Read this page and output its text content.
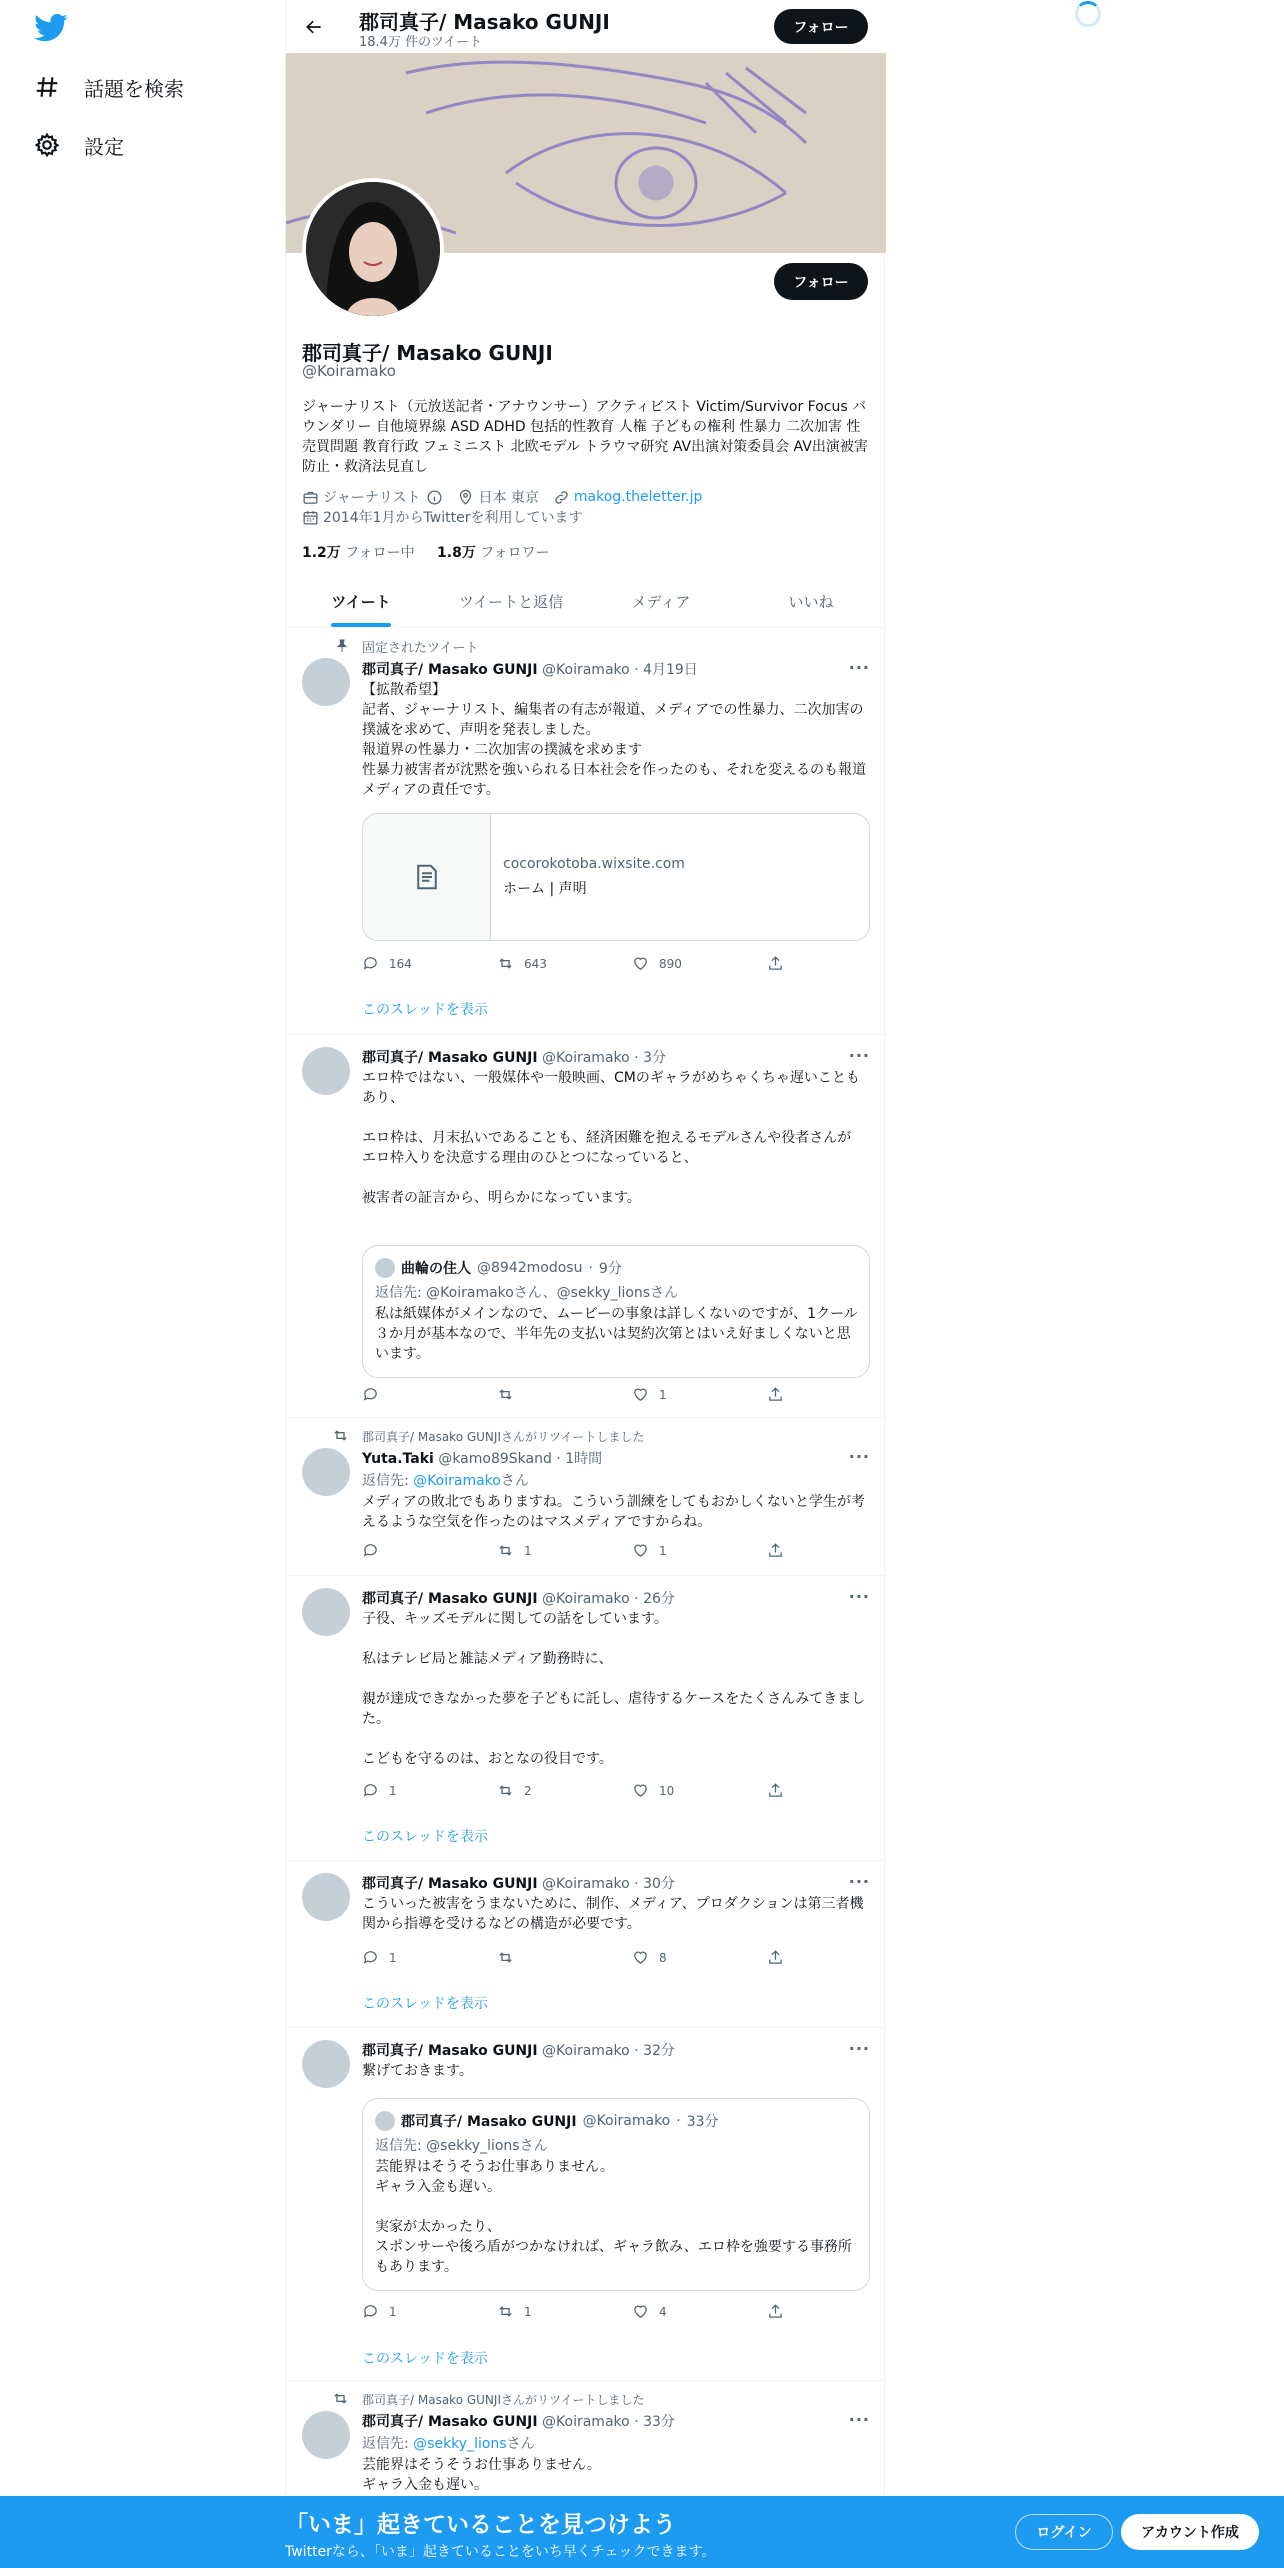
話題を検索
設定
郡司真子/ Masako GUNJI
18.4万 件のツイート
フォロー
フォロー
郡司真子/ Masako GUNJI
@Koiramako
ジャーナリスト（元放送記者・アナウンサー）アクティビスト Victim/Survivor Focus バウンダリー 自他境界線 ASD ADHD 包括的性教育 人権 子どもの権利 性暴力 二次加害 性売買問題 教育行政 フェミニスト 北欧モデル トラウマ研究 AV出演対策委員会 AV出演被害防止・救済法見直し
ジャーナリスト	日本 東京	makog.theletter.jp
2014年1月からTwitterを利用しています
1.2万 フォロー中 1.8万 フォロワー
ツイート	ツイートと返信	メディア	いいね
固定されたツイート
郡司真子/ Masako GUNJI @Koiramako · 4月19日	···
【拡散希望】
記者、ジャーナリスト、編集者の有志が報道、メディアでの性暴力、二次加害の撲滅を求めて、声明を発表しました。
報道界の性暴力・二次加害の撲滅を求めます
性暴力被害者が沈黙を強いられる日本社会を作ったのも、それを変えるのも報道メディアの責任です。
cocorokoto​ba.wixsite.com
ホーム | 声明
164	643	890
このスレッドを表示
郡司真子/ Masako GUNJI @Koiramako · 3分	···
エロ枠ではない、一般媒体や一般映画、CMのギャラがめちゃくちゃ遅いこともあり、

エロ枠は、月末払いであることも、経済困難を抱えるモデルさんや役者さんが
エロ枠入りを決意する理由のひとつになっていると、

被害者の証言から、明らかになっています。
曲輪の住人 @8942modosu · 9分
返信先: @Koiramakoさん、@sekky_lionsさん
私は紙媒体がメインなので、ムービーの事象は詳しくないのですが、1クール３か月が基本なので、半年先の支払いは契約次第とはいえ好ましくないと思います。
1
郡司真子/ Masako GUNJIさんがリツイートしました
Yuta.Taki @kamo89Skand · 1時間	···
返信先: @Koiramakoさん
メディアの敗北でもありますね。こういう訓練をしてもおかしくないと学生が考えるような空気を作ったのはマスメディアですからね。
1	1
郡司真子/ Masako GUNJI @Koiramako · 26分	···
子役、キッズモデルに関しての話をしています。

私はテレビ局と雑誌メディア勤務時に、

親が達成できなかった夢を子どもに託し、虐待するケースをたくさんみてきました。

こどもを守るのは、おとなの役目です。
1	2	10
このスレッドを表示
郡司真子/ Masako GUNJI @Koiramako · 30分	···
こういった被害をうまないために、制作、メディア、プロダクションは第三者機関から指導を受けるなどの構造が必要です。
1	8
このスレッドを表示
郡司真子/ Masako GUNJI @Koiramako · 32分	···
繋げておきます。
郡司真子/ Masako GUNJI @Koiramako · 33分
返信先: @sekky_lionsさん
芸能界はそうそうお仕事ありません。
ギャラ入金も遅い。

実家が太かったり、
スポンサーや後ろ盾がつかなければ、ギャラ飲み、エロ枠を強要する事務所もあります。
1	1	4
このスレッドを表示
郡司真子/ Masako GUNJIさんがリツイートしました
郡司真子/ Masako GUNJI @Koiramako · 33分	···
返信先: @sekky_lionsさん
芸能界はそうそうお仕事ありません。
ギャラ入金も遅い。
「いま」起きていることを見つけよう
Twitterなら、「いま」起きていることをいち早くチェックできます。
ログイン	アカウント作成
